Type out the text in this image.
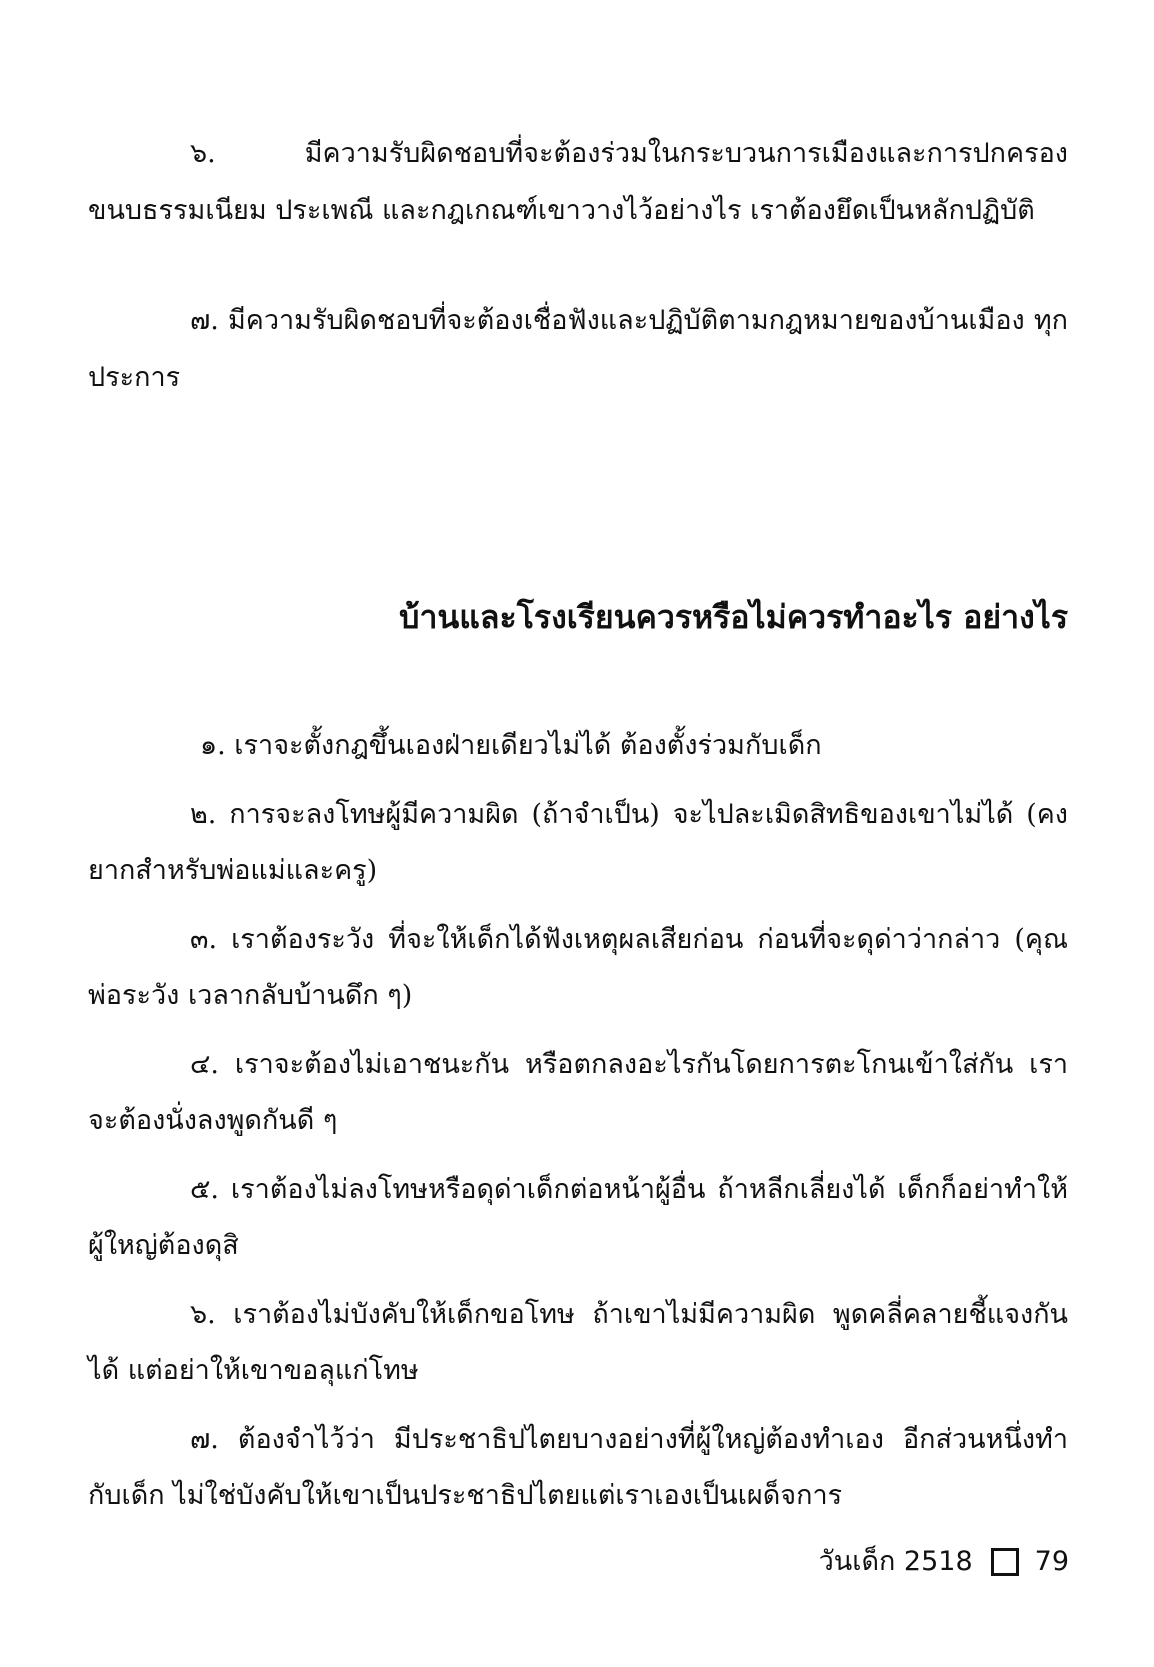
๖. มีความรับผิดชอบที่จะต้องร่วมในกระบวนการเมืองและการปกครอง ขนบธรรมเนียม ประเพณี และกฎเกณฑ์เขาวางไว้อย่างไร เราต้องยึดเป็นหลักปฏิบัติ

๗. มีความรับผิดชอบที่จะต้องเชื่อฟังและปฏิบัติตามกฎหมายของบ้านเมือง ทุกประการ

บ้านและโรงเรียนควรหรือไม่ควรทำอะไร อย่างไร

๑. เราจะตั้งกฎขึ้นเองฝ่ายเดียวไม่ได้ ต้องตั้งร่วมกับเด็ก

๒. การจะลงโทษผู้มีความผิด (ถ้าจำเป็น) จะไปละเมิดสิทธิของเขาไม่ได้ (คงยากสำหรับพ่อแม่และครู)

๓. เราต้องระวัง ที่จะให้เด็กได้ฟังเหตุผลเสียก่อน ก่อนที่จะดุด่าว่ากล่าว (คุณพ่อระวัง เวลากลับบ้านดึก ๆ)

๔. เราจะต้องไม่เอาชนะกัน หรือตกลงอะไรกันโดยการตะโกนเข้าใส่กัน เราจะต้องนั่งลงพูดกันดี ๆ

๕. เราต้องไม่ลงโทษหรือดุด่าเด็กต่อหน้าผู้อื่น ถ้าหลีกเลี่ยงได้ เด็กก็อย่าทำให้ผู้ใหญ่ต้องดุสิ

๖. เราต้องไม่บังคับให้เด็กขอโทษ ถ้าเขาไม่มีความผิด พูดคลี่คลายชี้แจงกันได้ แต่อย่าให้เขาขอลุแก่โทษ

๗. ต้องจำไว้ว่า มีประชาธิปไตยบางอย่างที่ผู้ใหญ่ต้องทำเอง อีกส่วนหนึ่งทำกับเด็ก ไม่ใช่บังคับให้เขาเป็นประชาธิปไตยแต่เราเองเป็นเผด็จการ

วันเด็ก 2518 79
